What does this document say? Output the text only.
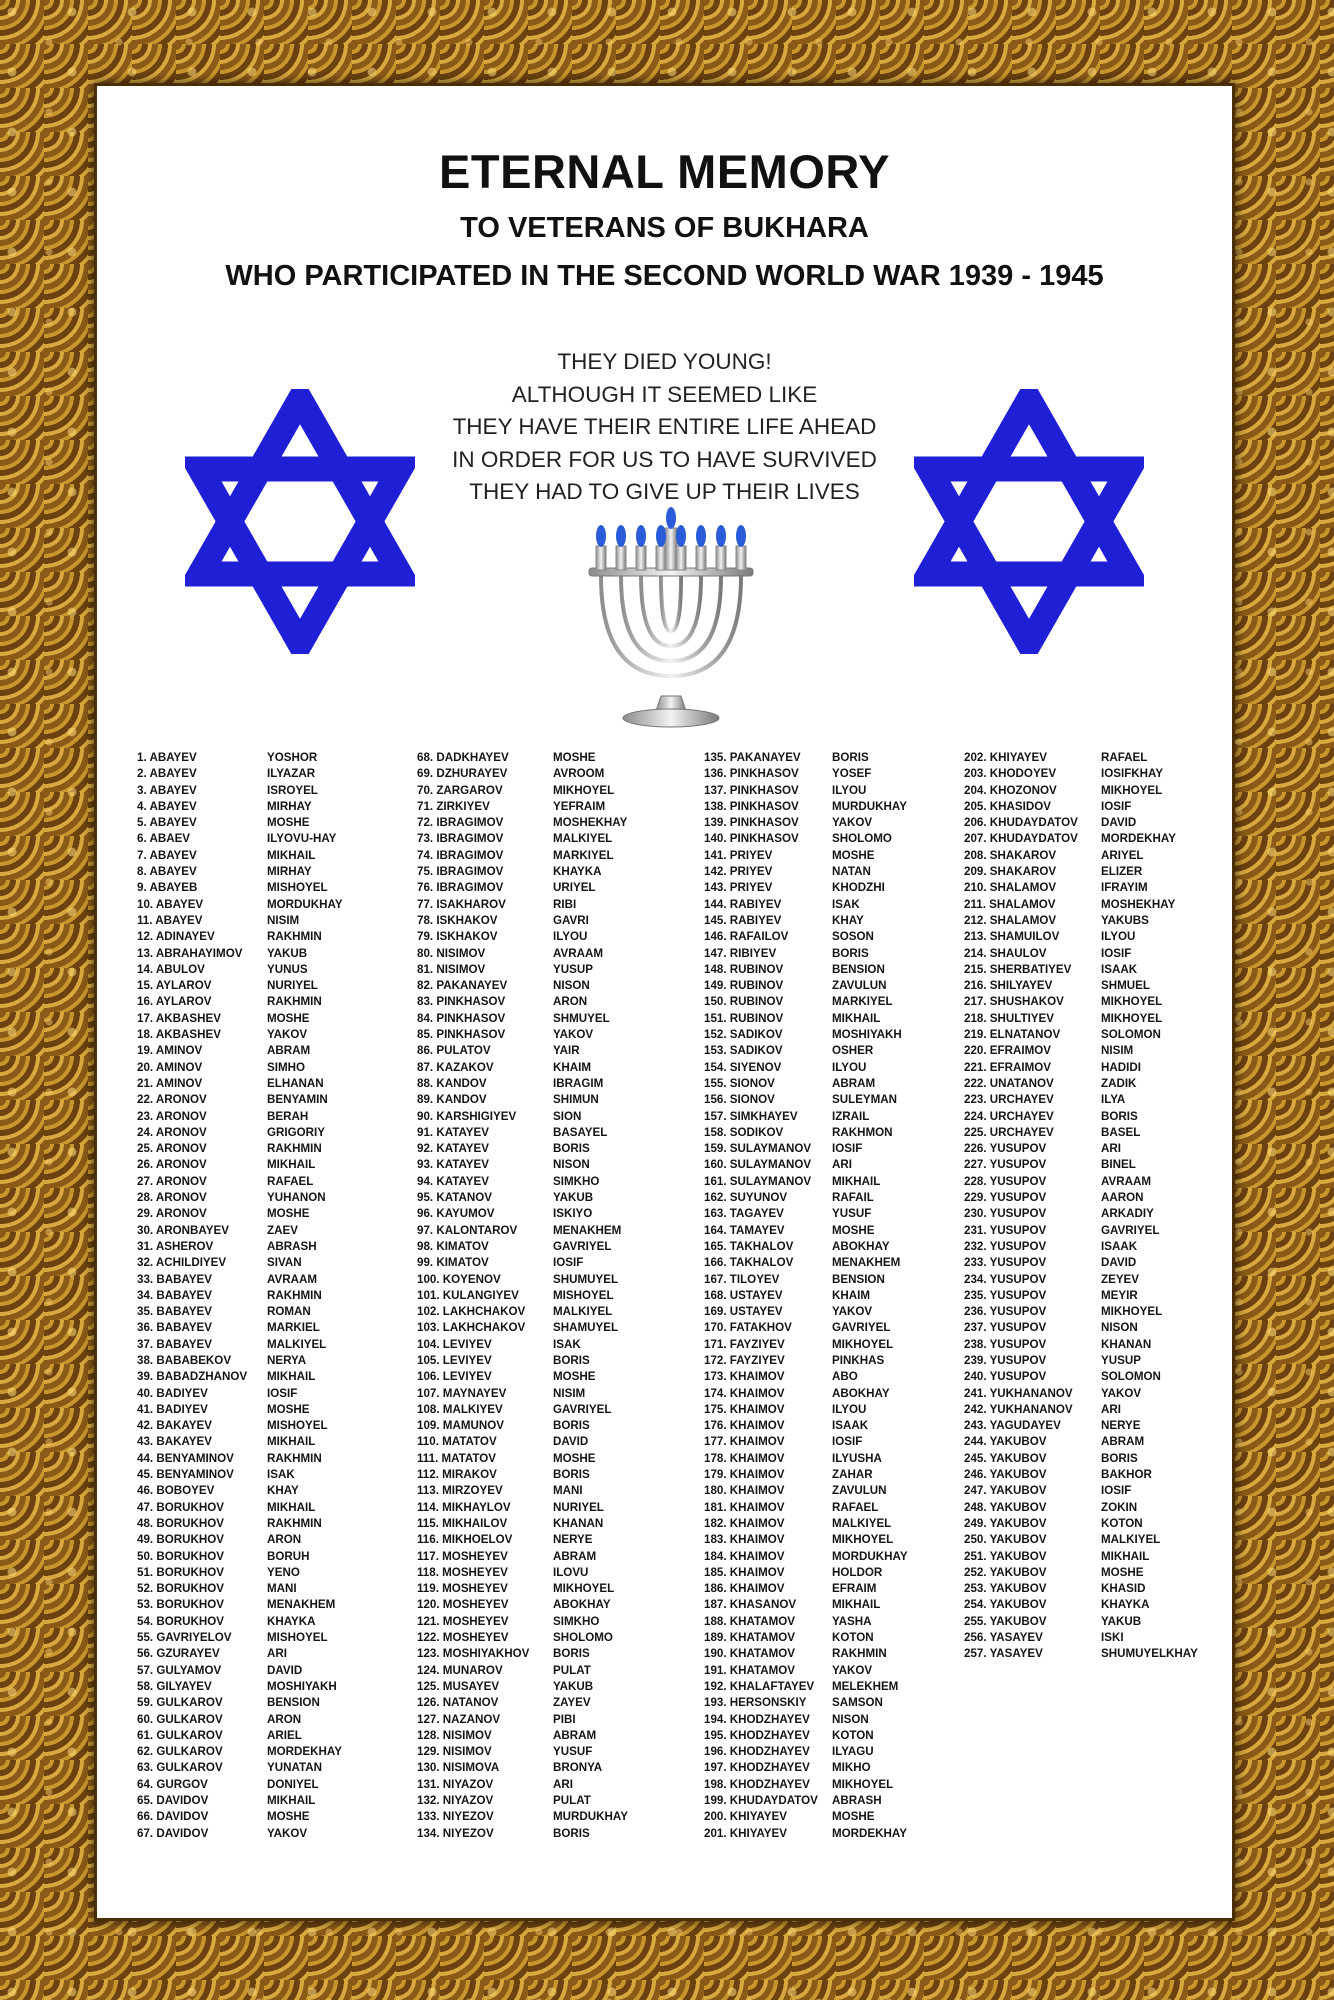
ETERNAL MEMORY
TO VETERANS OF BUKHARA
WHO PARTICIPATED IN THE SECOND WORLD WAR 1939 - 1945
THEY DIED YOUNG!
ALTHOUGH IT SEEMED LIKE
THEY HAVE THEIR ENTIRE LIFE AHEAD
IN ORDER FOR US TO HAVE SURVIVED
THEY HAD TO GIVE UP THEIR LIVES
1. ABAYEV	YOSHOR
2. ABAYEV	ILYAZAR
3. ABAYEV	ISROYEL
4. ABAYEV	MIRHAY
5. ABAYEV	MOSHE
6. ABAEV	ILYOVU-HAY
7. ABAYEV	MIKHAIL
8. ABAYEV	MIRHAY
9. ABAYEB	MISHOYEL
10. ABAYEV	MORDUKHAY
11. ABAYEV	NISIM
12. ADINAYEV	RAKHMIN
13. ABRAHAYIMOV YAKUB
14. ABULOV	YUNUS
15. AYLAROV	NURIYEL
16. AYLAROV	RAKHMIN
17. AKBASHEV	MOSHE
18. AKBASHEV	YAKOV
19. AMINOV	ABRAM
20. AMINOV	SIMHO
21. AMINOV	ELHANAN
22. ARONOV	BENYAMIN
23. ARONOV	BERAH
24. ARONOV	GRIGORIY
25. ARONOV	RAKHMIN
26. ARONOV	MIKHAIL
27. ARONOV	RAFAEL
28. ARONOV	YUHANON
29. ARONOV	MOSHE
30. ARONBAYEV	ZAEV
31. ASHEROV	ABRASH
32. ACHILDIYEV	SIVAN
33. BABAYEV	AVRAAM
34. BABAYEV	RAKHMIN
35. BABAYEV	ROMAN
36. BABAYEV	MARKIEL
37. BABAYEV	MALKIYEL
38. BABABEKOV	NERYA
39. BABADZHANOV MIKHAIL
40. BADIYEV	IOSIF
41. BADIYEV	MOSHE
42. BAKAYEV	MISHOYEL
43. BAKAYEV	MIKHAIL
44. BENYAMINOV	RAKHMIN
45. BENYAMINOV	ISAK
46. BOBOYEV	KHAY
47. BORUKHOV	MIKHAIL
48. BORUKHOV	RAKHMIN
49. BORUKHOV	ARON
50. BORUKHOV	BORUH
51. BORUKHOV	YENO
52. BORUKHOV	MANI
53. BORUKHOV	MENAKHEM
54. BORUKHOV	KHAYKA
55. GAVRIYELOV	MISHOYEL
56. GZURAYEV	ARI
57. GULYAMOV	DAVID
58. GILYAYEV	MOSHIYAKH
59. GULKAROV	BENSION
60. GULKAROV	ARON
61. GULKAROV	ARIEL
62. GULKAROV	MORDEKHAY
63. GULKAROV	YUNATAN
64. GURGOV	DONIYEL
65. DAVIDOV	MIKHAIL
66. DAVIDOV	MOSHE
67. DAVIDOV	YAKOV
68. DADKHAYEV	MOSHE
69. DZHURAYEV	AVROOM
70. ZARGAROV	MIKHOYEL
71. ZIRKIYEV	YEFRAIM
72. IBRAGIMOV	MOSHEKHAY
73. IBRAGIMOV	MALKIYEL
74. IBRAGIMOV	MARKIYEL
75. IBRAGIMOV	KHAYKA
76. IBRAGIMOV	URIYEL
77. ISAKHAROV	RIBI
78. ISKHAKOV	GAVRI
79. ISKHAKOV	ILYOU
80. NISIMOV	AVRAAM
81. NISIMOV	YUSUP
82. PAKANAYEV	NISON
83. PINKHASOV	ARON
84. PINKHASOV	SHMUYEL
85. PINKHASOV	YAKOV
86. PULATOV	YAIR
87. KAZAKOV	KHAIM
88. KANDOV	IBRAGIM
89. KANDOV	SHIMUN
90. KARSHIGIYEV	SION
91. KATAYEV	BASAYEL
92. KATAYEV	BORIS
93. KATAYEV	NISON
94. KATAYEV	SIMKHO
95. KATANOV	YAKUB
96. KAYUMOV	ISKIYO
97. KALONTAROV	MENAKHEM
98. KIMATOV	GAVRIYEL
99. KIMATOV	IOSIF
100. KOYENOV	SHUMUYEL
101. KULANGIYEV	MISHOYEL
102. LAKHCHAKOV MALKIYEL
103. LAKHCHAKOV SHAMUYEL
104. LEVIYEV	ISAK
105. LEVIYEV	BORIS
106. LEVIYEV	MOSHE
107. MAYNAYEV	NISIM
108. MALKIYEV	GAVRIYEL
109. MAMUNOV	BORIS
110. MATATOV	DAVID
111. MATATOV	MOSHE
112. MIRAKOV	BORIS
113. MIRZOYEV	MANI
114. MIKHAYLOV	NURIYEL
115. MIKHAILOV	KHANAN
116. MIKHOELOV	NERYE
117. MOSHEYEV	ABRAM
118. MOSHEYEV	ILOVU
119. MOSHEYEV	MIKHOYEL
120. MOSHEYEV	ABOKHAY
121. MOSHEYEV	SIMKHO
122. MOSHEYEV	SHOLOMO
123. MOSHIYAKHOV BORIS
124. MUNAROV	PULAT
125. MUSAYEV	YAKUB
126. NATANOV	ZAYEV
127. NAZANOV	PIBI
128. NISIMOV	ABRAM
129. NISIMOV	YUSUF
130. NISIMOVA	BRONYA
131. NIYAZOV	ARI
132. NIYAZOV	PULAT
133. NIYEZOV	MURDUKHAY
134. NIYEZOV	BORIS
135. PAKANAYEV	BORIS
136. PINKHASOV	YOSEF
137. PINKHASOV	ILYOU
138. PINKHASOV	MURDUKHAY
139. PINKHASOV	YAKOV
140. PINKHASOV	SHOLOMO
141. PRIYEV	MOSHE
142. PRIYEV	NATAN
143. PRIYEV	KHODZHI
144. RABIYEV	ISAK
145. RABIYEV	KHAY
146. RAFAILOV	SOSON
147. RIBIYEV	BORIS
148. RUBINOV	BENSION
149. RUBINOV	ZAVULUN
150. RUBINOV	MARKIYEL
151. RUBINOV	MIKHAIL
152. SADIKOV	MOSHIYAKH
153. SADIKOV	OSHER
154. SIYENOV	ILYOU
155. SIONOV	ABRAM
156. SIONOV	SULEYMAN
157. SIMKHAYEV	IZRAIL
158. SODIKOV	RAKHMON
159. SULAYMANOV IOSIF
160. SULAYMANOV ARI
161. SULAYMANOV MIKHAIL
162. SUYUNOV	RAFAIL
163. TAGAYEV	YUSUF
164. TAMAYEV	MOSHE
165. TAKHALOV	ABOKHAY
166. TAKHALOV	MENAKHEM
167. TILOYEV	BENSION
168. USTAYEV	KHAIM
169. USTAYEV	YAKOV
170. FATAKHOV	GAVRIYEL
171. FAYZIYEV	MIKHOYEL
172. FAYZIYEV	PINKHAS
173. KHAIMOV	ABO
174. KHAIMOV	ABOKHAY
175. KHAIMOV	ILYOU
176. KHAIMOV	ISAAK
177. KHAIMOV	IOSIF
178. KHAIMOV	ILYUSHA
179. KHAIMOV	ZAHAR
180. KHAIMOV	ZAVULUN
181. KHAIMOV	RAFAEL
182. KHAIMOV	MALKIYEL
183. KHAIMOV	MIKHOYEL
184. KHAIMOV	MORDUKHAY
185. KHAIMOV	HOLDOR
186. KHAIMOV	EFRAIM
187. KHASANOV	MIKHAIL
188. KHATAMOV	YASHA
189. KHATAMOV	KOTON
190. KHATAMOV	RAKHMIN
191. KHATAMOV	YAKOV
192. KHALAFTAYEV MELEKHEM
193. HERSONSKIY SAMSON
194. KHODZHAYEV NISON
195. KHODZHAYEV KOTON
196. KHODZHAYEV ILYAGU
197. KHODZHAYEV MIKHO
198. KHODZHAYEV MIKHOYEL
199. KHUDAYDATOV ABRASH
200. KHIYAYEV	MOSHE
201. KHIYAYEV	MORDEKHAY
202. KHIYAYEV	RAFAEL
203. KHODOYEV	IOSIFKHAY
204. KHOZONOV	MIKHOYEL
205. KHASIDOV	IOSIF
206. KHUDAYDATOV DAVID
207. KHUDAYDATOV MORDEKHAY
208. SHAKAROV	ARIYEL
209. SHAKAROV	ELIZER
210. SHALAMOV	IFRAYIM
211. SHALAMOV	MOSHEKHAY
212. SHALAMOV	YAKUBS
213. SHAMUILOV	ILYOU
214. SHAULOV	IOSIF
215. SHERBATIYEV	ISAAK
216. SHILYAYEV	SHMUEL
217. SHUSHAKOV	MIKHOYEL
218. SHULTIYEV	MIKHOYEL
219. ELNATANOV	SOLOMON
220. EFRAIMOV	NISIM
221. EFRAIMOV	HADIDI
222. UNATANOV	ZADIK
223. URCHAYEV	ILYA
224. URCHAYEV	BORIS
225. URCHAYEV	BASEL
226. YUSUPOV	ARI
227. YUSUPOV	BINEL
228. YUSUPOV	AVRAAM
229. YUSUPOV	AARON
230. YUSUPOV	ARKADIY
231. YUSUPOV	GAVRIYEL
232. YUSUPOV	ISAAK
233. YUSUPOV	DAVID
234. YUSUPOV	ZEYEV
235. YUSUPOV	MEYIR
236. YUSUPOV	MIKHOYEL
237. YUSUPOV	NISON
238. YUSUPOV	KHANAN
239. YUSUPOV	YUSUP
240. YUSUPOV	SOLOMON
241. YUKHANANOV YAKOV
242. YUKHANANOV ARI
243. YAGUDAYEV	NERYE
244. YAKUBOV	ABRAM
245. YAKUBOV	BORIS
246. YAKUBOV	BAKHOR
247. YAKUBOV	IOSIF
248. YAKUBOV	ZOKIN
249. YAKUBOV	KOTON
250. YAKUBOV	MALKIYEL
251. YAKUBOV	MIKHAIL
252. YAKUBOV	MOSHE
253. YAKUBOV	KHASID
254. YAKUBOV	KHAYKA
255. YAKUBOV	YAKUB
256. YASAYEV	ISKI
257. YASAYEV	SHUMUYELKHAY
